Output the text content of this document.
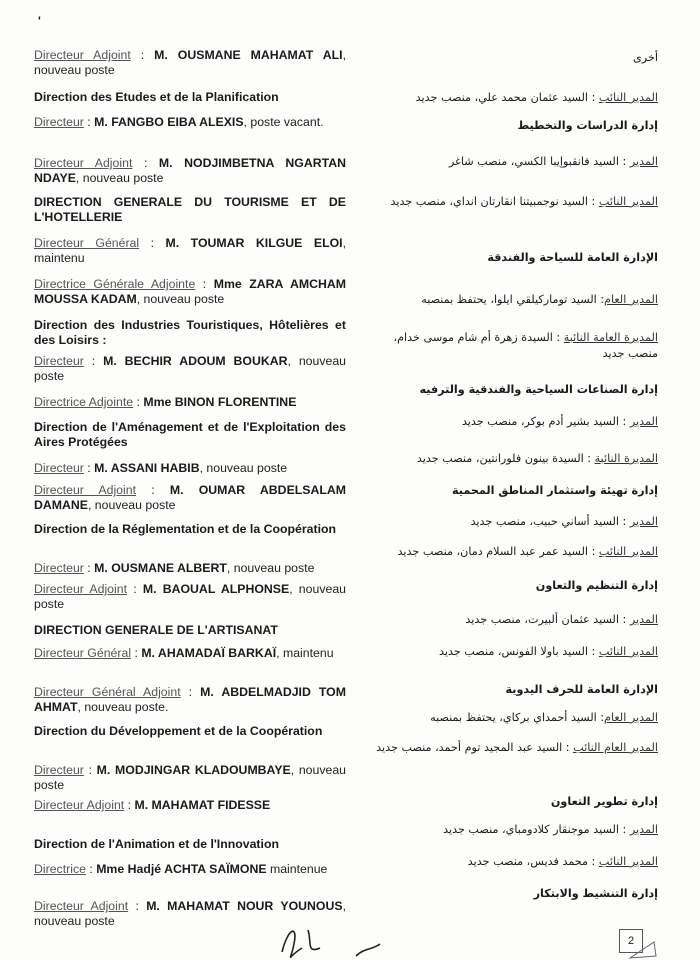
'
Directeur Adjoint : M. OUSMANE MAHAMAT ALI, nouveau poste
Direction des Etudes et de la Planification
Directeur : M. FANGBO EIBA ALEXIS, poste vacant.
Directeur Adjoint : M. NODJIMBETNA NGARTAN NDAYE, nouveau poste
DIRECTION GENERALE DU TOURISME ET DE L'HOTELLERIE
Directeur Général : M. TOUMAR KILGUE ELOI, maintenu
Directrice Générale Adjointe : Mme ZARA AMCHAM MOUSSA KADAM, nouveau poste
Direction des Industries Touristiques, Hôtelières et des Loisirs :
Directeur : M. BECHIR ADOUM BOUKAR, nouveau poste
Directrice Adjointe : Mme BINON FLORENTINE
Direction de l'Aménagement et de l'Exploitation des Aires Protégées
Directeur : M. ASSANI HABIB, nouveau poste
Directeur Adjoint : M. OUMAR ABDELSALAM DAMANE, nouveau poste
Direction de la Réglementation et de la Coopération
Directeur : M. OUSMANE ALBERT, nouveau poste
Directeur Adjoint : M. BAOUAL ALPHONSE, nouveau poste
DIRECTION GENERALE DE L'ARTISANAT
Directeur Général : M. AHAMADAÏ BARKAÏ, maintenu
Directeur Général Adjoint : M. ABDELMADJID TOM AHMAT, nouveau poste.
Direction du Développement et de la Coopération
Directeur : M. MODJINGAR KLADOUMBAYE, nouveau poste
Directeur Adjoint : M. MAHAMAT FIDESSE
Direction de l'Animation et de l'Innovation
Directrice : Mme Hadjé ACHTA SAÏMONE maintenue
Directeur Adjoint : M. MAHAMAT NOUR YOUNOUS, nouveau poste
أخرى
المدير النائب : السيد عثمان محمد علي، منصب جديد
إدارة الدراسات والتخطيط
المدير : السيد فانقبوإيبا الكسي، منصب شاغر
المدير النائب : السيد نوجمبيتنا انقارتان انداي، منصب جديد
الإدارة العامة للسياحة والفندقة
المدير العام: السيد توماركيلقي ايلوا، يحتفظ بمنصبه
المديرة العامة النائبة : السيدة زهرة أم شام موسى خدام، منصب جديد
إدارة الصناعات السياحية والفندقية والترفيه
المدير : السيد بشير أدم بوكر، منصب جديد
المديرة النائبة : السيدة بينون فلورانتين، منصب جديد
إدارة تهيئة واستثمار المناطق المحمية
المدير : السيد أساني حبيب، منصب جديد
المدير النائب : السيد عمر عبد السلام دمان، منصب جديد
إدارة التنظيم والتعاون
المدير : السيد عثمان ألبيرت، منصب جديد
المدير النائب : السيد باولا الفونس، منصب جديد
الإدارة العامة للحرف اليدوية
المدير العام: السيد أحمداي بركاي، يحتفظ بمنصبه
المدير العام النائب : السيد عبد المجيد توم أحمد، منصب جديد
إدارة تطوير التعاون
المدير : السيد موجنقار كلادومباي، منصب جديد
المدير النائب : محمد فديس، منصب جديد
إدارة التنشيط والابتكار
2
